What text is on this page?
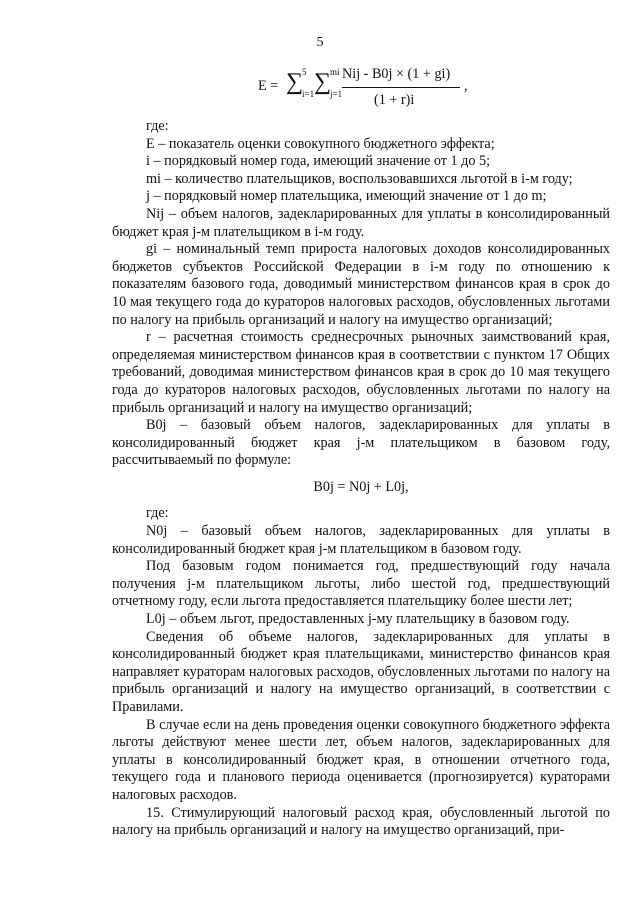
5
E = ∑
5
i=1 ∑
mi
j=1
Nij - B0j × (1 + gi)
(1 + r)i
,

где:

E – показатель оценки совокупного бюджетного эффекта;

i – порядковый номер года, имеющий значение от 1 до 5;

mi – количество плательщиков, воспользовавшихся льготой в i-м году;

j – порядковый номер плательщика, имеющий значение от 1 до m;

Nij – объем налогов, задекларированных для уплаты в консолидированный бюджет края j-м плательщиком в i-м году.

gi – номинальный темп прироста налоговых доходов консолидированных бюджетов субъектов Российской Федерации в i-м году по отношению к показателям базового года, доводимый министерством финансов края в срок до 10 мая текущего года до кураторов налоговых расходов, обусловленных льготами по налогу на прибыль организаций и налогу на имущество организаций;

r – расчетная стоимость среднесрочных рыночных заимствований края, определяемая министерством финансов края в соответствии с пунктом 17 Общих требований, доводимая министерством финансов края в срок до 10 мая текущего года до кураторов налоговых расходов, обусловленных льготами по налогу на прибыль организаций и налогу на имущество организаций;

B0j – базовый объем налогов, задекларированных для уплаты в консолидированный бюджет края j-м плательщиком в базовом году, рассчитываемый по формуле:

B0j = N0j + L0j,

где:

N0j – базовый объем налогов, задекларированных для уплаты в консолидированный бюджет края j-м плательщиком в базовом году.

Под базовым годом понимается год, предшествующий году начала получения j-м плательщиком льготы, либо шестой год, предшествующий отчетному году, если льгота предоставляется плательщику более шести лет;

L0j – объем льгот, предоставленных j-му плательщику в базовом году.

Сведения об объеме налогов, задекларированных для уплаты в консолидированный бюджет края плательщиками, министерство финансов края направляет кураторам налоговых расходов, обусловленных льготами по налогу на прибыль организаций и налогу на имущество организаций, в соответствии с Правилами.

В случае если на день проведения оценки совокупного бюджетного эффекта льготы действуют менее шести лет, объем налогов, задекларированных для уплаты в консолидированный бюджет края, в отношении отчетного года, текущего года и планового периода оценивается (прогнозируется) кураторами налоговых расходов.

15. Стимулирующий налоговый расход края, обусловленный льготой по налогу на прибыль организаций и налогу на имущество организаций, при-
